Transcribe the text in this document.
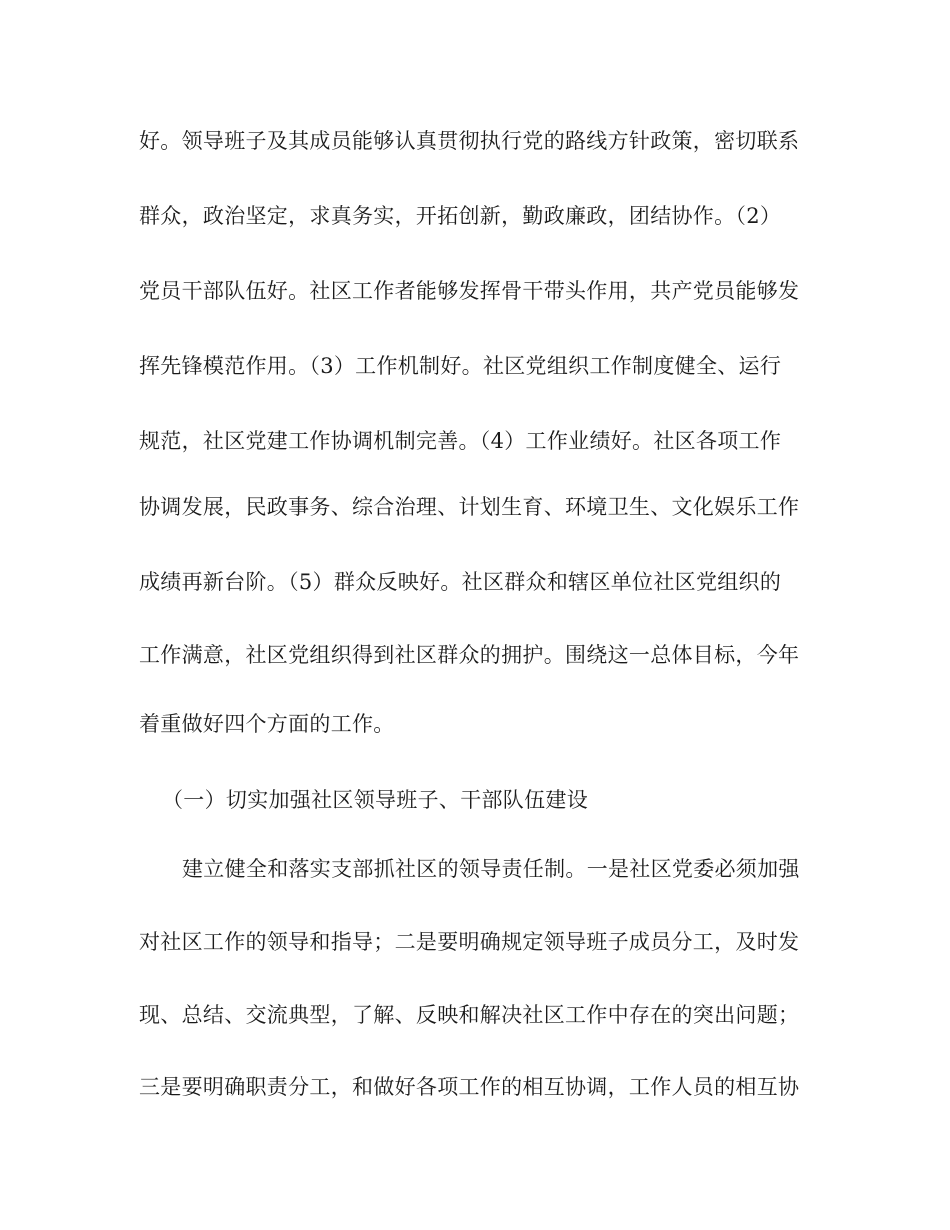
好。领导班子及其成员能够认真贯彻执行党的路线方针政策，密切联系
群众，政治坚定，求真务实，开拓创新，勤政廉政，团结协作。（2）
党员干部队伍好。社区工作者能够发挥骨干带头作用，共产党员能够发
挥先锋模范作用。（3）工作机制好。社区党组织工作制度健全、运行
规范，社区党建工作协调机制完善。（4）工作业绩好。社区各项工作
协调发展，民政事务、综合治理、计划生育、环境卫生、文化娱乐工作
成绩再新台阶。（5）群众反映好。社区群众和辖区单位社区党组织的
工作满意，社区党组织得到社区群众的拥护。围绕这一总体目标，今年
着重做好四个方面的工作。
（一）切实加强社区领导班子、干部队伍建设
建立健全和落实支部抓社区的领导责任制。一是社区党委必须加强
对社区工作的领导和指导；二是要明确规定领导班子成员分工，及时发
现、总结、交流典型，了解、反映和解决社区工作中存在的突出问题；
三是要明确职责分工，和做好各项工作的相互协调，工作人员的相互协
